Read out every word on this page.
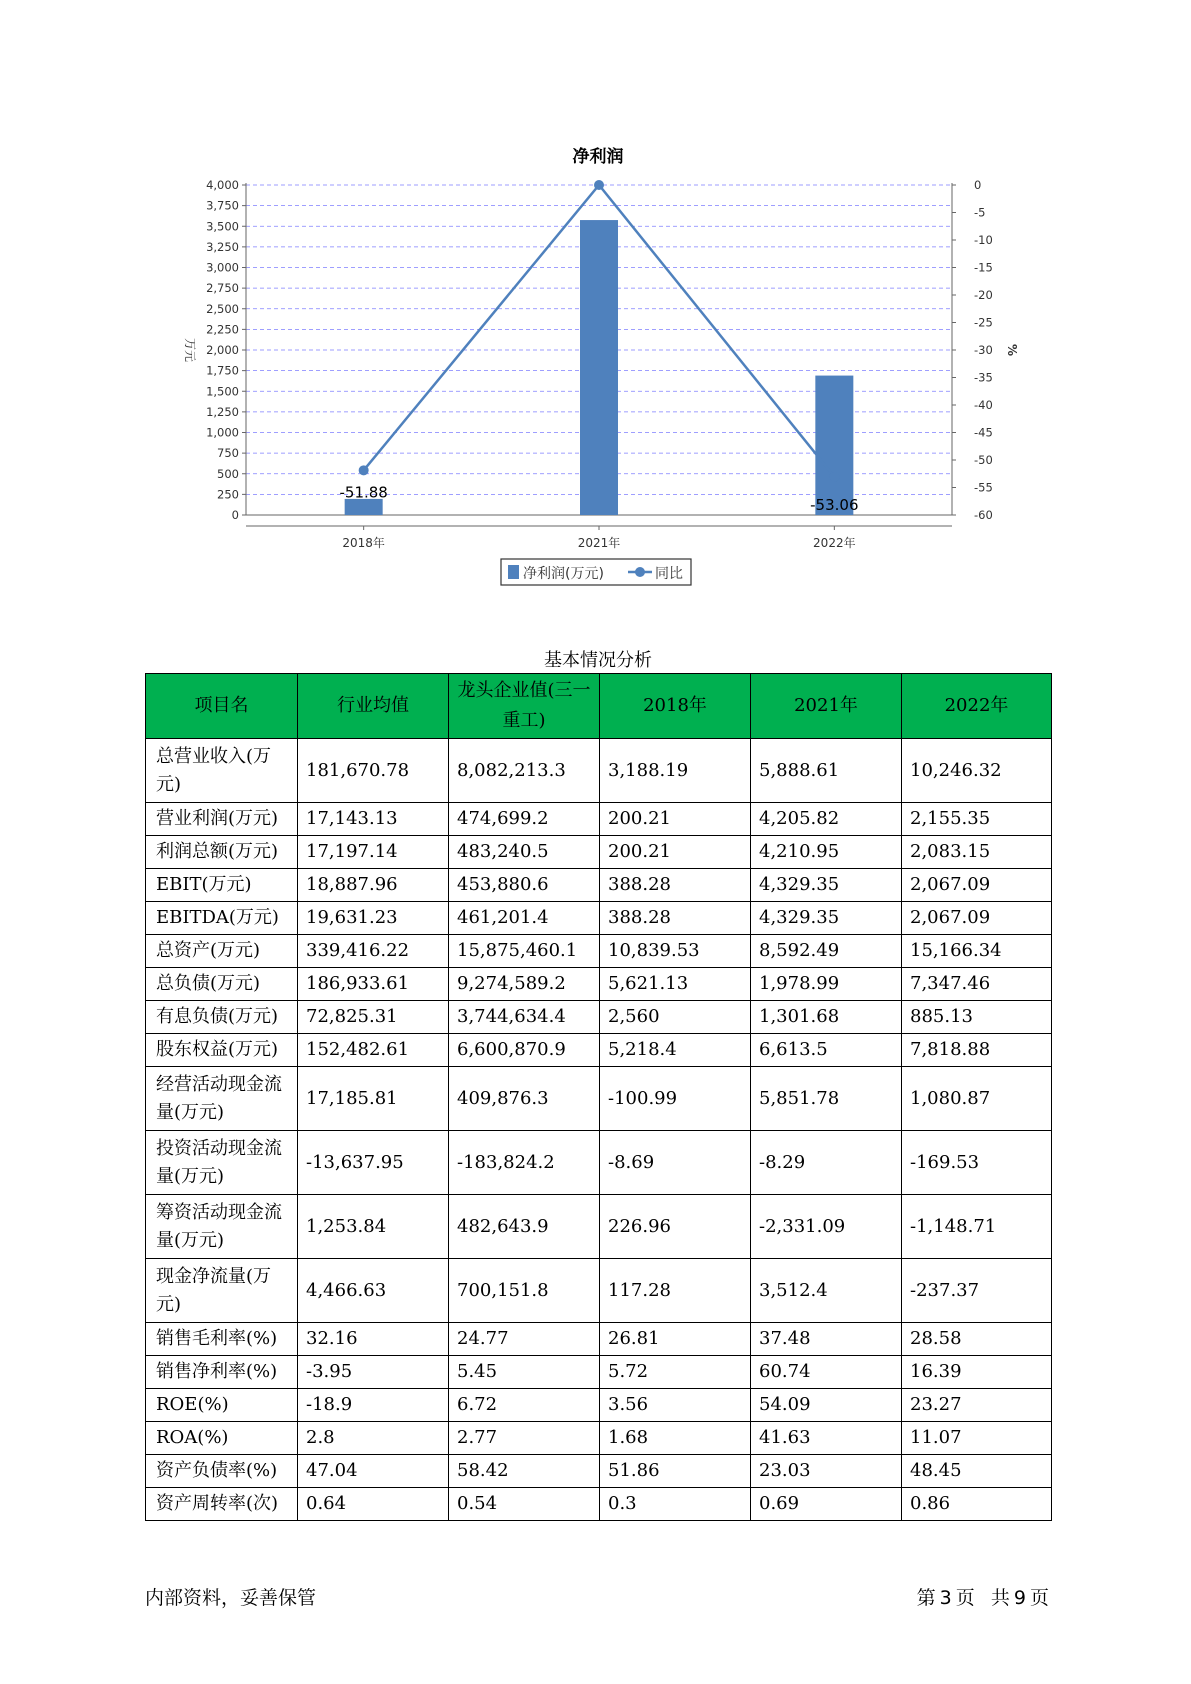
净利润
0
250
500
750
1,000
1,250
1,500
1,750
2,000
2,250
2,500
2,750
3,000
3,250
3,500
3,750
4,000	0
-5
-10
-15
-20
-25
-30
-35
-40
-45
-50
-55
-60
万元	%
2018年	2021年	2022年
-51.88
-53.06
净利润(万元)	同比
基本情况分析
项目名	行业均值	龙头企业值(三一重工)	2018年	2021年	2022年
总营业收入(万元)	181,670.78	8,082,213.3	3,188.19	5,888.61	10,246.32
营业利润(万元)	17,143.13	474,699.2	200.21	4,205.82	2,155.35
利润总额(万元)	17,197.14	483,240.5	200.21	4,210.95	2,083.15
EBIT(万元)	18,887.96	453,880.6	388.28	4,329.35	2,067.09
EBITDA(万元)	19,631.23	461,201.4	388.28	4,329.35	2,067.09
总资产(万元)	339,416.22	15,875,460.1	10,839.53	8,592.49	15,166.34
总负债(万元)	186,933.61	9,274,589.2	5,621.13	1,978.99	7,347.46
有息负债(万元)	72,825.31	3,744,634.4	2,560	1,301.68	885.13
股东权益(万元)	152,482.61	6,600,870.9	5,218.4	6,613.5	7,818.88
经营活动现金流量(万元)	17,185.81	409,876.3	-100.99	5,851.78	1,080.87
投资活动现金流量(万元)	-13,637.95	-183,824.2	-8.69	-8.29	-169.53
筹资活动现金流量(万元)	1,253.84	482,643.9	226.96	-2,331.09	-1,148.71
现金净流量(万元)	4,466.63	700,151.8	117.28	3,512.4	-237.37
销售毛利率(%)	32.16	24.77	26.81	37.48	28.58
销售净利率(%)	-3.95	5.45	5.72	60.74	16.39
ROE(%)	-18.9	6.72	3.56	54.09	23.27
ROA(%)	2.8	2.77	1.68	41.63	11.07
资产负债率(%)	47.04	58.42	51.86	23.03	48.45
资产周转率(次)	0.64	0.54	0.3	0.69	0.86
内部资料，妥善保管	第 3 页 共 9 页
